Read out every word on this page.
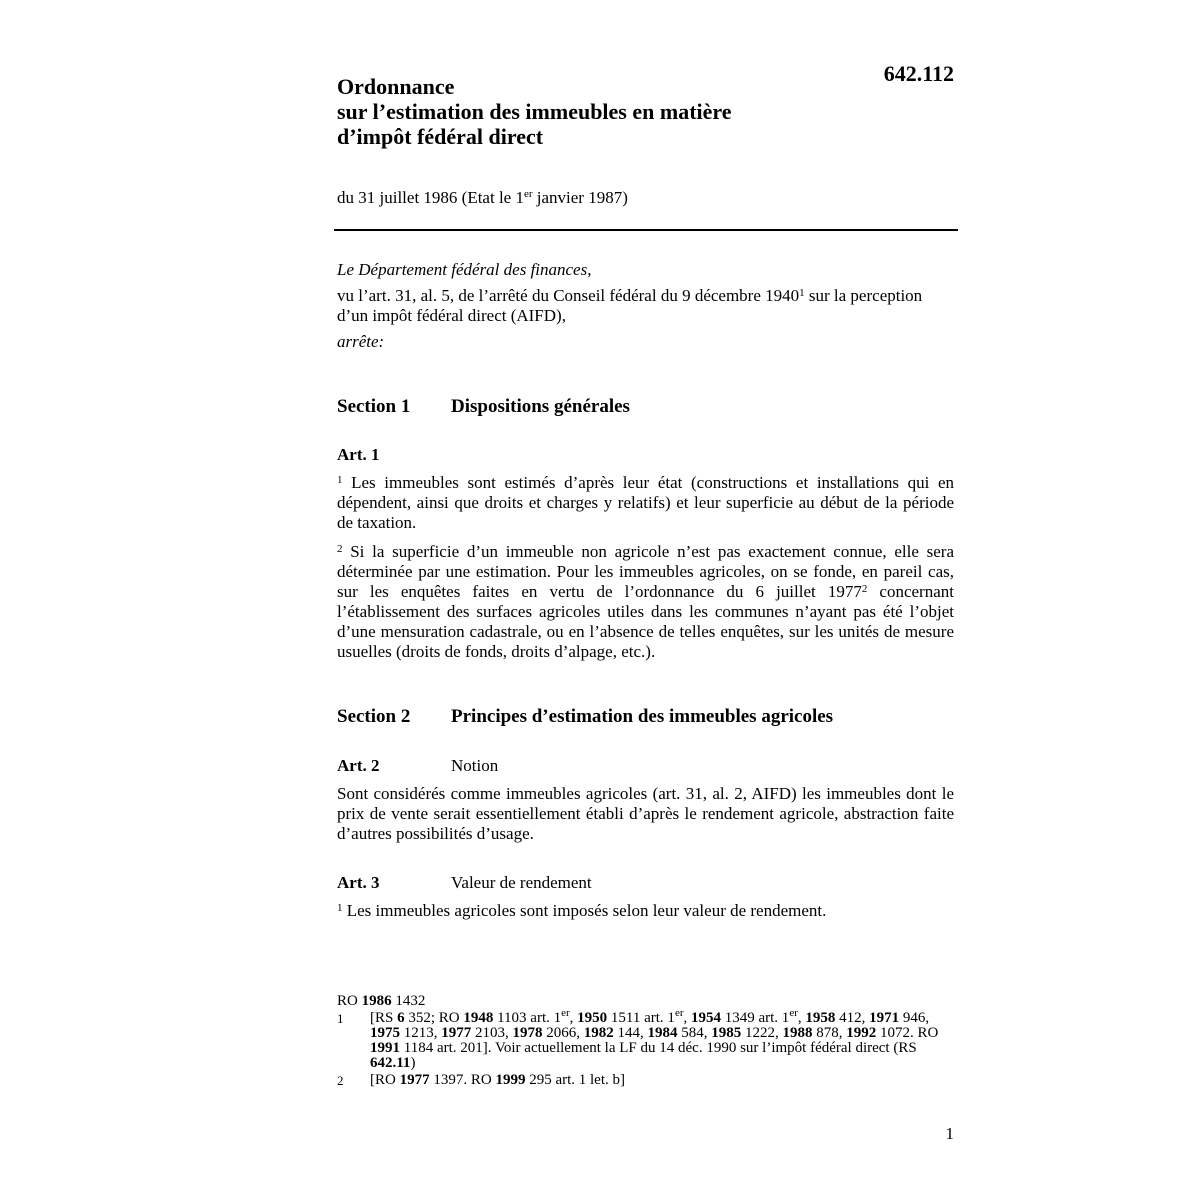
Ordonnance
sur l’estimation des immeubles en matière
d’impôt fédéral direct
642.112
du 31 juillet 1986 (Etat le 1er janvier 1987)
Le Département fédéral des finances,
vu l’art. 31, al. 5, de l’arrêté du Conseil fédéral du 9 décembre 1940$^1$ sur la perception d’un impôt fédéral direct (AIFD),
arrête:
Section 1 Dispositions générales
Art. 1
$^1$ Les immeubles sont estimés d’après leur état (constructions et installations qui en dépendent, ainsi que droits et charges y relatifs) et leur superficie au début de la période de taxation.
$^2$ Si la superficie d’un immeuble non agricole n’est pas exactement connue, elle sera déterminée par une estimation. Pour les immeubles agricoles, on se fonde, en pareil cas, sur les enquêtes faites en vertu de l’ordonnance du 6 juillet 1977$^2$ concernant l’établissement des surfaces agricoles utiles dans les communes n’ayant pas été l’objet d’une mensuration cadastrale, ou en l’absence de telles enquêtes, sur les unités de mesure usuelles (droits de fonds, droits d’alpage, etc.).
Section 2 Principes d’estimation des immeubles agricoles
Art. 2	Notion
Sont considérés comme immeubles agricoles (art. 31, al. 2, AIFD) les immeubles dont le prix de vente serait essentiellement établi d’après le rendement agricole, abstraction faite d’autres possibilités d’usage.
Art. 3	Valeur de rendement
$^1$ Les immeubles agricoles sont imposés selon leur valeur de rendement.
RO 1986 1432
1	[RS 6 352; RO 1948 1103 art. 1er, 1950 1511 art. 1er, 1954 1349 art. 1er, 1958 412, 1971 946, 1975 1213, 1977 2103, 1978 2066, 1982 144, 1984 584, 1985 1222, 1988 878, 1992 1072. RO 1991 1184 art. 201]. Voir actuellement la LF du 14 déc. 1990 sur l’impôt fédéral direct (RS 642.11)
2	[RO 1977 1397. RO 1999 295 art. 1 let. b]
1
